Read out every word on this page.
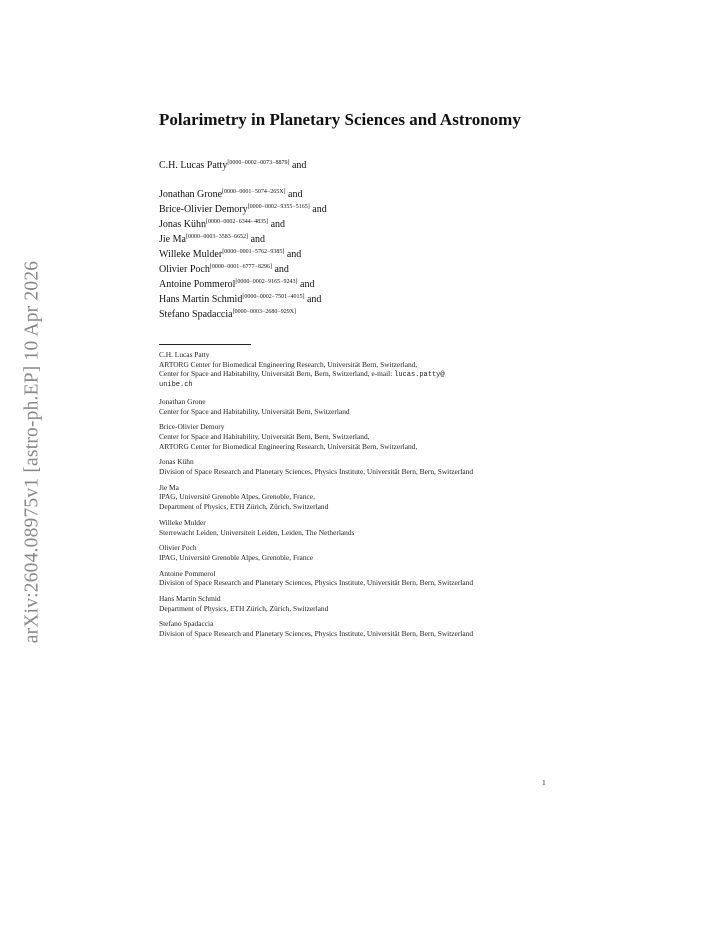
arXiv:2604.08975v1 [astro-ph.EP] 10 Apr 2026
Polarimetry in Planetary Sciences and Astronomy
C.H. Lucas Patty[0000−0002−0073−8879] and
Jonathan Grone[0000−0001−5074−265X] and
Brice-Olivier Demory[0000−0002−9355−5165] and
Jonas Kühn[0000−0002−6344−4835] and
Jie Ma[0000−0003−3583−6652] and
Willeke Mulder[0000−0001−5762−9385] and
Olivier Poch[0000−0001−6777−8296] and
Antoine Pommerol[0000−0002−9165−9243] and
Hans Martin Schmid[0000−0002−7501−4015] and
Stefano Spadaccia[0000−0003−2680−929X]
C.H. Lucas Patty
ARTORG Center for Biomedical Engineering Research, Universität Bern, Switzerland,
Center for Space and Habitability, Universität Bern, Bern, Switzerland, e-mail: lucas.patty@
unibe.ch
Jonathan Grone
Center for Space and Habitability, Universität Bern, Switzerland
Brice-Olivier Demory
Center for Space and Habitability, Universität Bern, Bern, Switzerland,
ARTORG Center for Biomedical Engineering Research, Universität Bern, Switzerland,
Jonas Kühn
Division of Space Research and Planetary Sciences, Physics Institute, Universität Bern, Bern, Switzerland
Jie Ma
IPAG, Université Grenoble Alpes, Grenoble, France,
Department of Physics, ETH Zürich, Zürich, Switzerland
Willeke Mulder
Sterrewacht Leiden, Universiteit Leiden, Leiden, The Netherlands
Olivier Poch
IPAG, Université Grenoble Alpes, Grenoble, France
Antoine Pommerol
Division of Space Research and Planetary Sciences, Physics Institute, Universität Bern, Bern, Switzerland
Hans Martin Schmid
Department of Physics, ETH Zürich, Zürich, Switzerland
Stefano Spadaccia
Division of Space Research and Planetary Sciences, Physics Institute, Universität Bern, Bern, Switzerland
1
